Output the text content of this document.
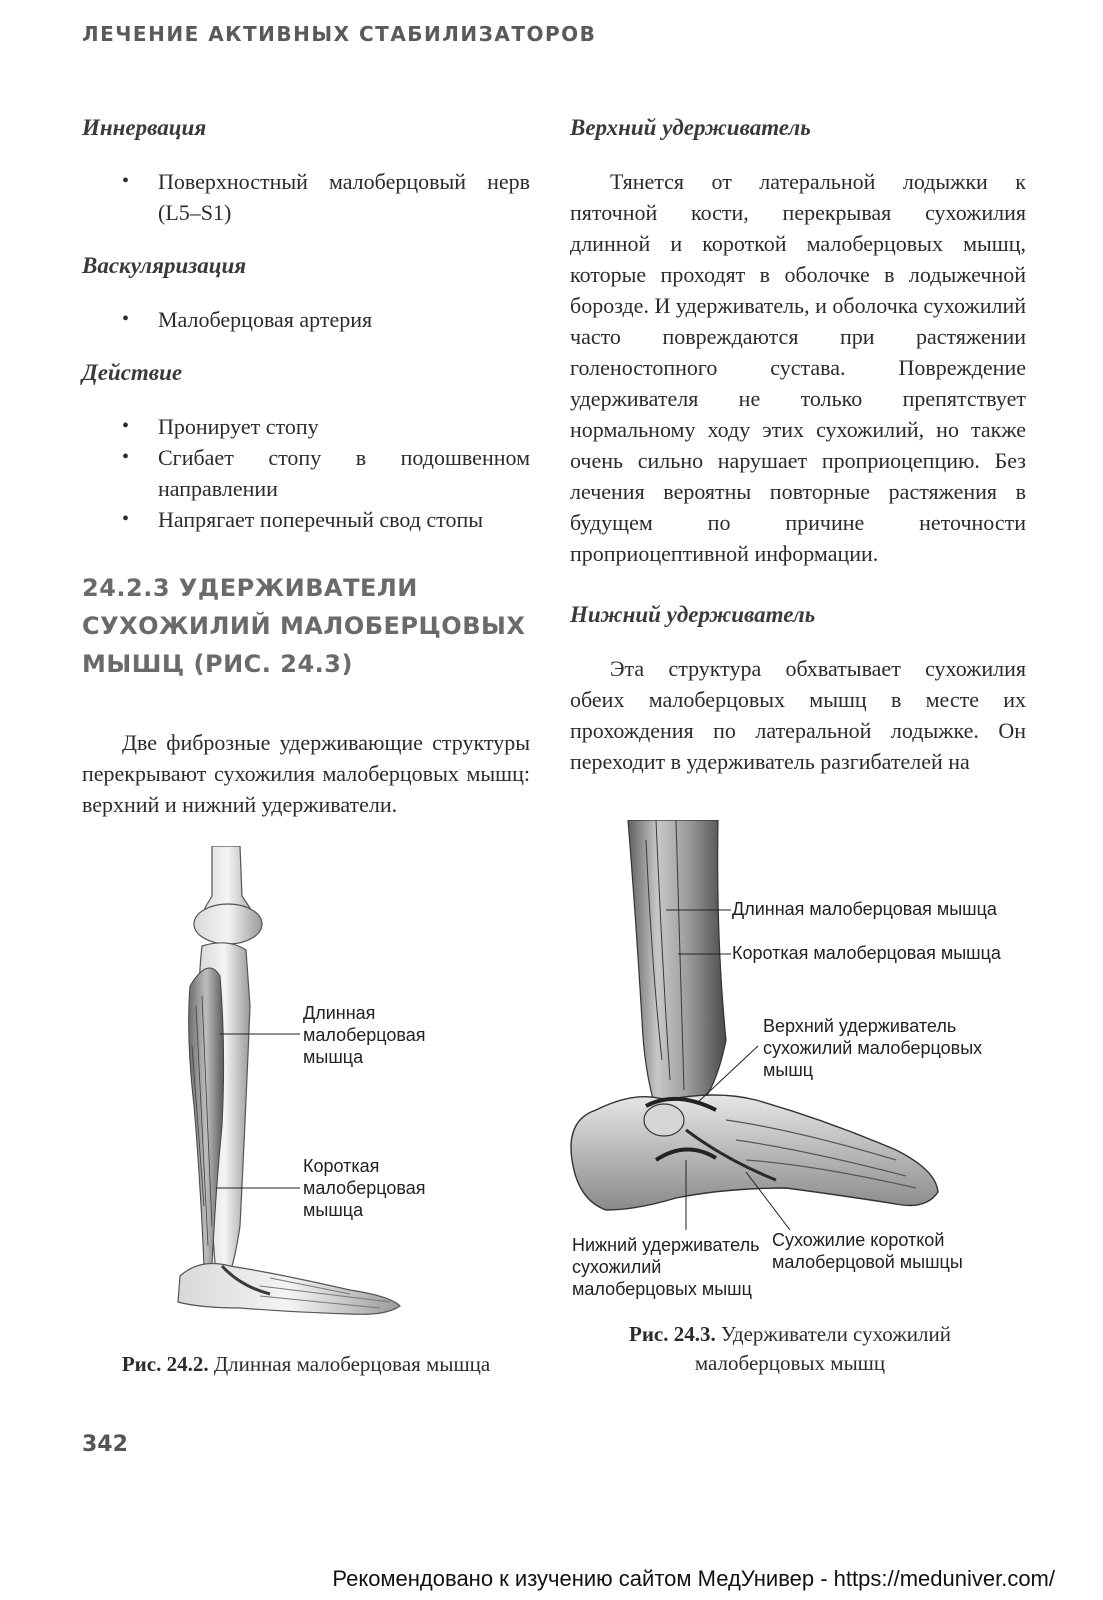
ЛЕЧЕНИЕ АКТИВНЫХ СТАБИЛИЗАТОРОВ
Иннервация
• Поверхностный малоберцовый нерв (L5–S1)
Васкуляризация
• Малоберцовая артерия
Действие
• Пронирует стопу
• Сгибает стопу в подошвенном направлении
• Напрягает поперечный свод стопы
24.2.3 УДЕРЖИВАТЕЛИ СУХОЖИЛИЙ МАЛОБЕРЦОВЫХ МЫШЦ (РИС. 24.3)

Две фиброзные удерживающие структуры перекрывают сухожилия малоберцовых мышц: верхний и нижний удерживатели.

Верхний удерживатель

Тянется от латеральной лодыжки к пяточной кости, перекрывая сухожилия длинной и короткой малоберцовых мышц, которые проходят в оболочке в лодыжечной борозде. И удерживатель, и оболочка сухожилий часто повреждаются при растяжении голеностопного сустава. Повреждение удерживателя не только препятствует нормальному ходу этих сухожилий, но также очень сильно нарушает проприоцепцию. Без лечения вероятны повторные растяжения в будущем по причине неточности проприоцептивной информации.

Нижний удерживатель

Эта структура обхватывает сухожилия обеих малоберцовых мышц в месте их прохождения по латеральной лодыжке. Он переходит в удерживатель разгибателей на

Длинная
малоберцовая
мышца
Короткая
малоберцовая
мышца
Рис. 24.2. Длинная малоберцовая мышца
Длинная малоберцовая мышца
Короткая малоберцовая мышца
Верхний удерживатель
сухожилий малоберцовых
мышц
Нижний удерживатель
сухожилий
малоберцовых мышц
Сухожилие короткой
малоберцовой мышцы
Рис. 24.3. Удерживатели сухожилий малоберцовых мышц
342
Рекомендовано к изучению сайтом МедУнивер - https://meduniver.com/
